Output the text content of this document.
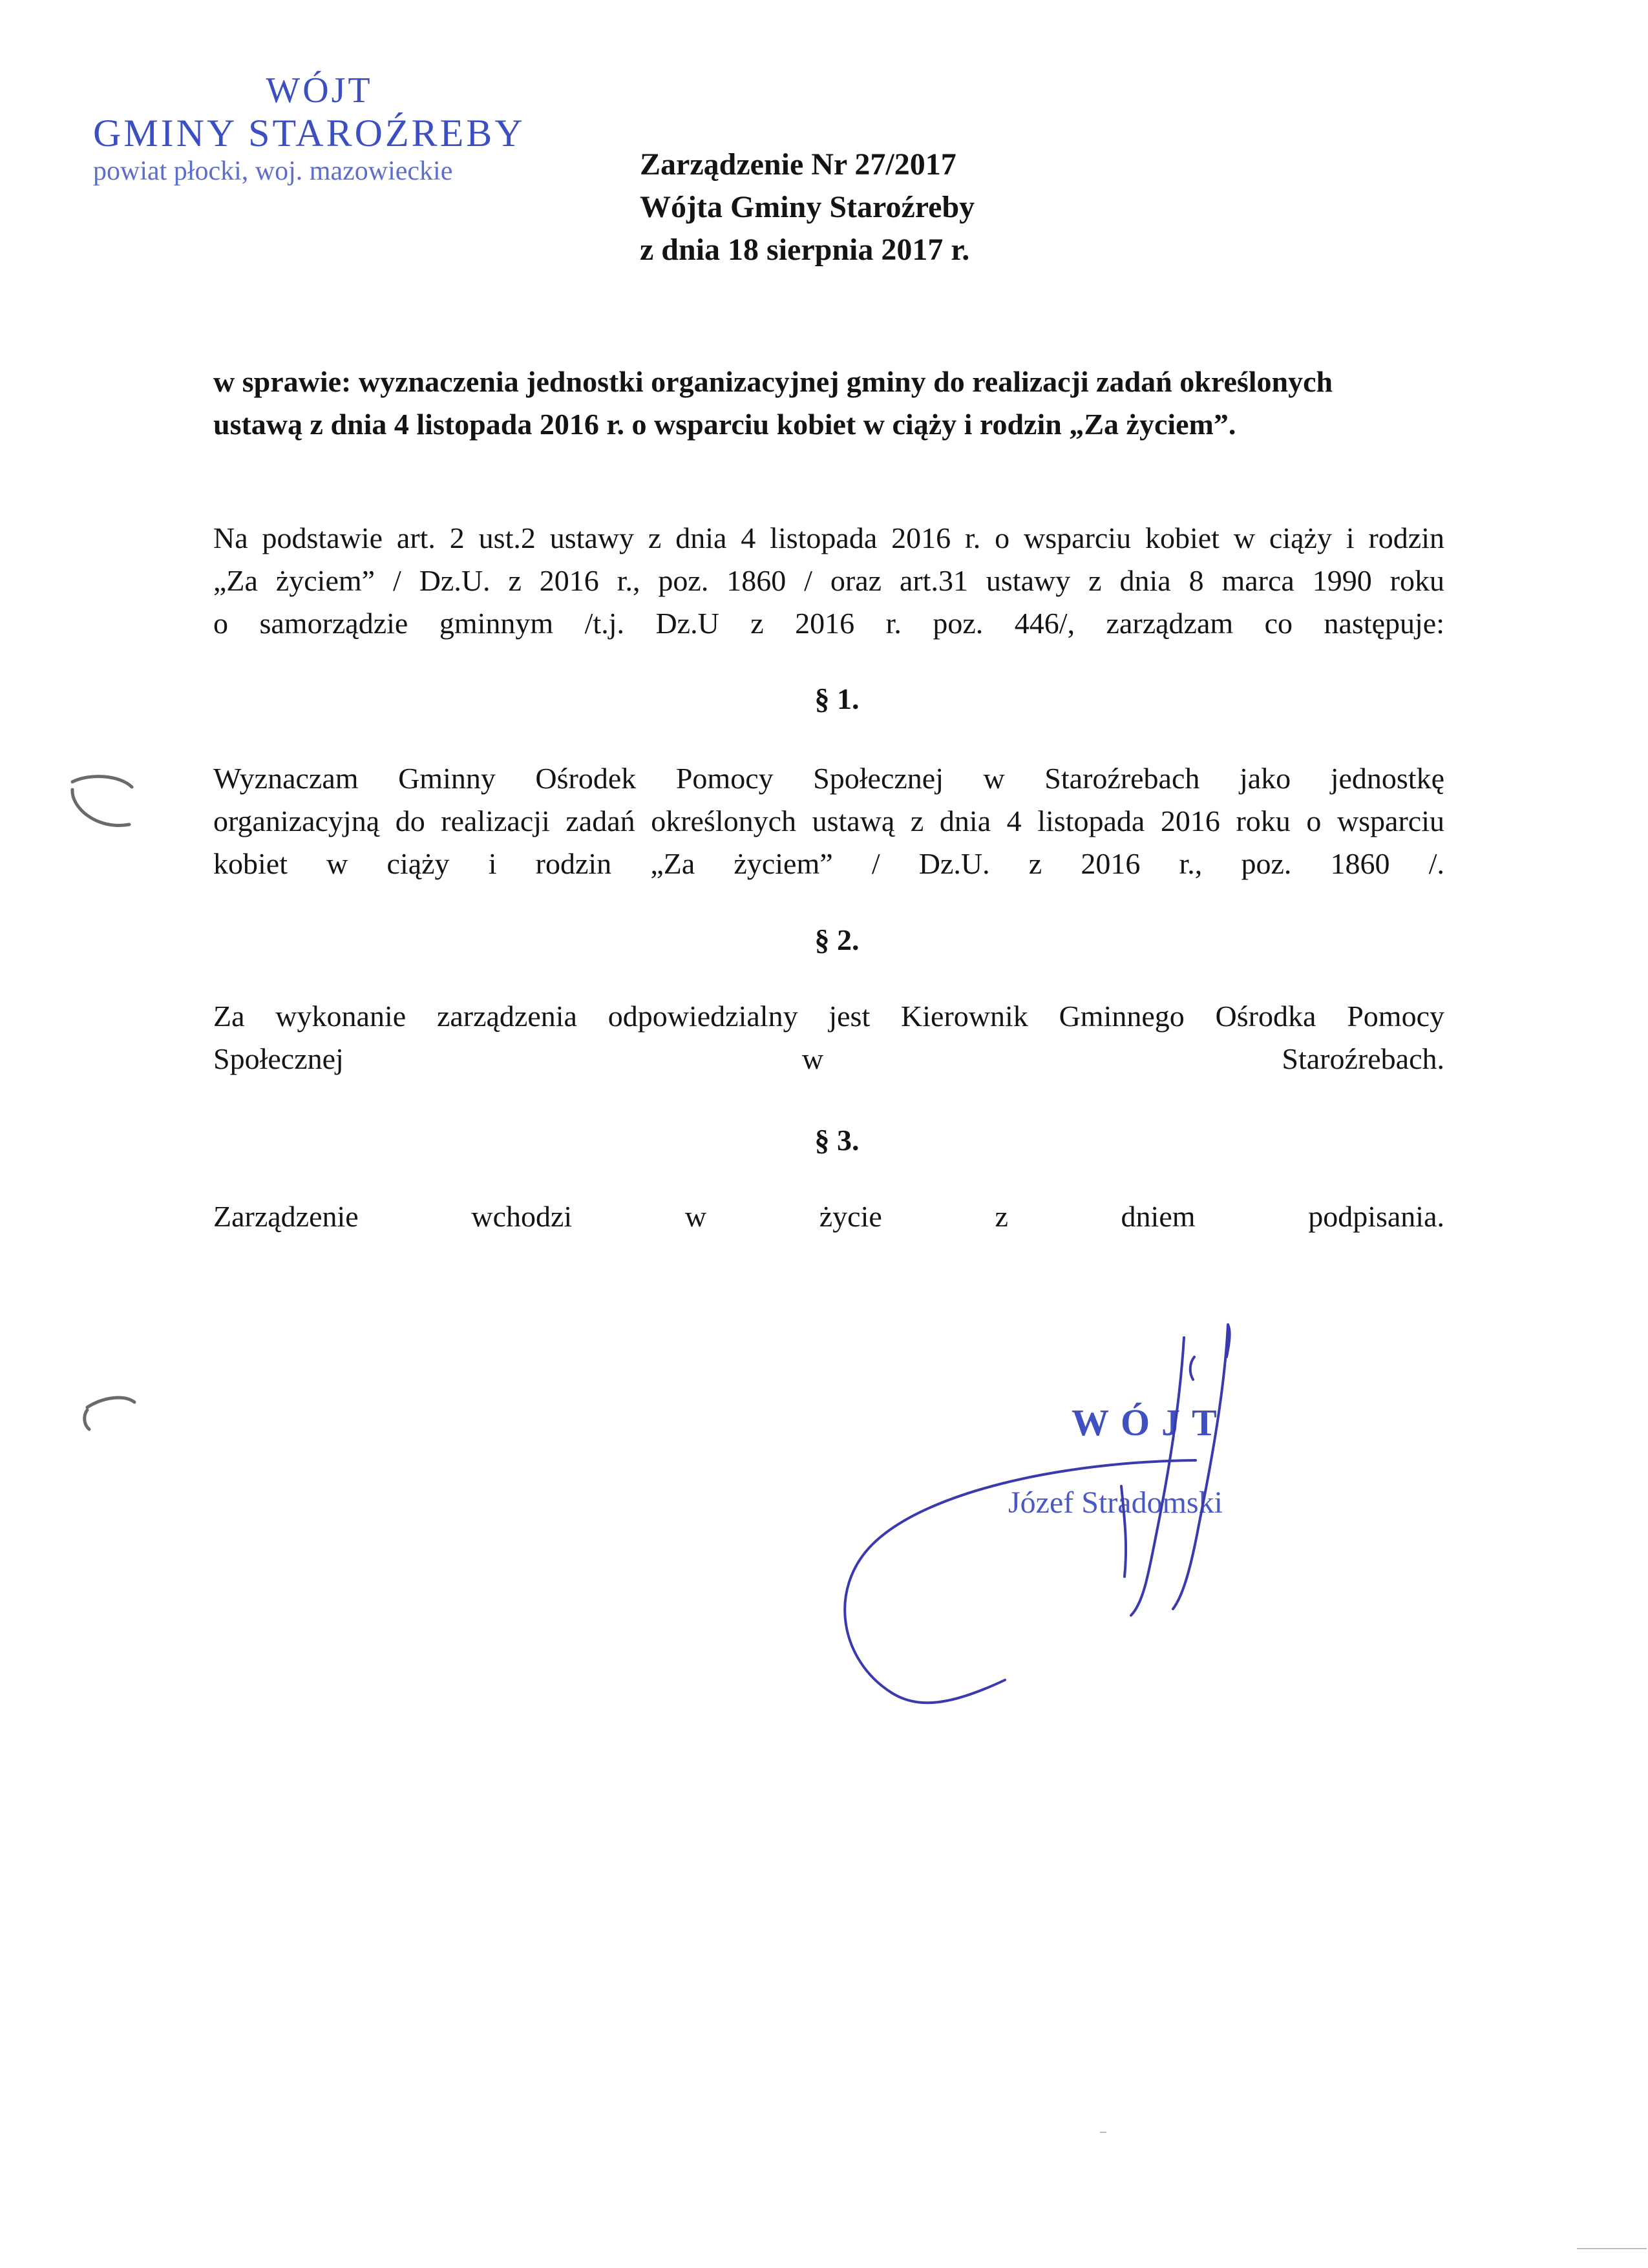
WÓJT
GMINY STAROŹREBY
powiat płocki, woj. mazowieckie	Zarządzenie Nr 27/2017
Wójta Gminy Staroźreby
z dnia 18 sierpnia 2017 r.
w sprawie: wyznaczenia jednostki organizacyjnej gminy do realizacji zadań określonych
ustawą z dnia 4 listopada 2016 r. o wsparciu kobiet w ciąży i rodzin „Za życiem”.
Na podstawie art. 2 ust.2 ustawy z dnia 4 listopada 2016 r. o wsparciu kobiet w ciąży i rodzin
„Za życiem” / Dz.U. z 2016 r., poz. 1860 / oraz art.31 ustawy z dnia 8 marca 1990 roku
o samorządzie gminnym /t.j. Dz.U z 2016 r. poz. 446/, zarządzam co następuje:
§ 1.
Wyznaczam Gminny Ośrodek Pomocy Społecznej w Staroźrebach jako jednostkę
organizacyjną do realizacji zadań określonych ustawą z dnia 4 listopada 2016 roku o wsparciu
kobiet w ciąży i rodzin „Za życiem” / Dz.U. z 2016 r., poz. 1860 /.
§ 2.
Za wykonanie zarządzenia odpowiedzialny jest Kierownik Gminnego Ośrodka Pomocy
Społecznej w Staroźrebach.
§ 3.
Zarządzenie wchodzi w życie z dniem podpisania.
WÓJT
Józef Stradomski
